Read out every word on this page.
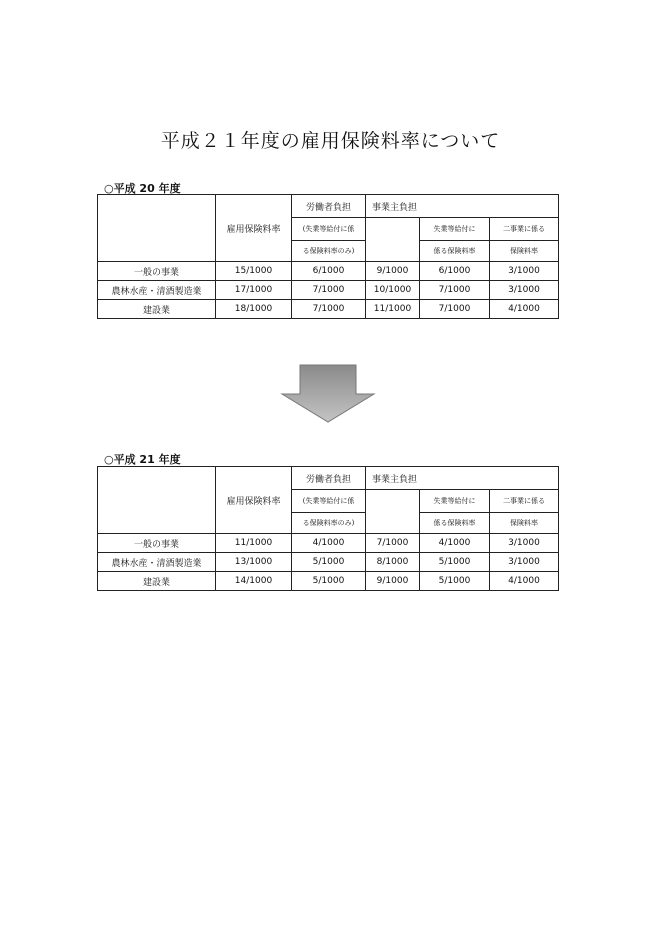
平成２１年度の雇用保険料率について
○平成 20 年度
	雇用保険料率	労働者負担	事業主負担		
		(失業等給付に係		失業等給付に	二事業に係る
		る保険料率のみ)		係る保険料率	保険料率
一般の事業	15/1000	6/1000	9/1000	6/1000	3/1000
農林水産・清酒製造業	17/1000	7/1000	10/1000	7/1000	3/1000
建設業	18/1000	7/1000	11/1000	7/1000	4/1000
○平成 21 年度
	雇用保険料率	労働者負担	事業主負担		
		(失業等給付に係		失業等給付に	二事業に係る
		る保険料率のみ)		係る保険料率	保険料率
一般の事業	11/1000	4/1000	7/1000	4/1000	3/1000
農林水産・清酒製造業	13/1000	5/1000	8/1000	5/1000	3/1000
建設業	14/1000	5/1000	9/1000	5/1000	4/1000
